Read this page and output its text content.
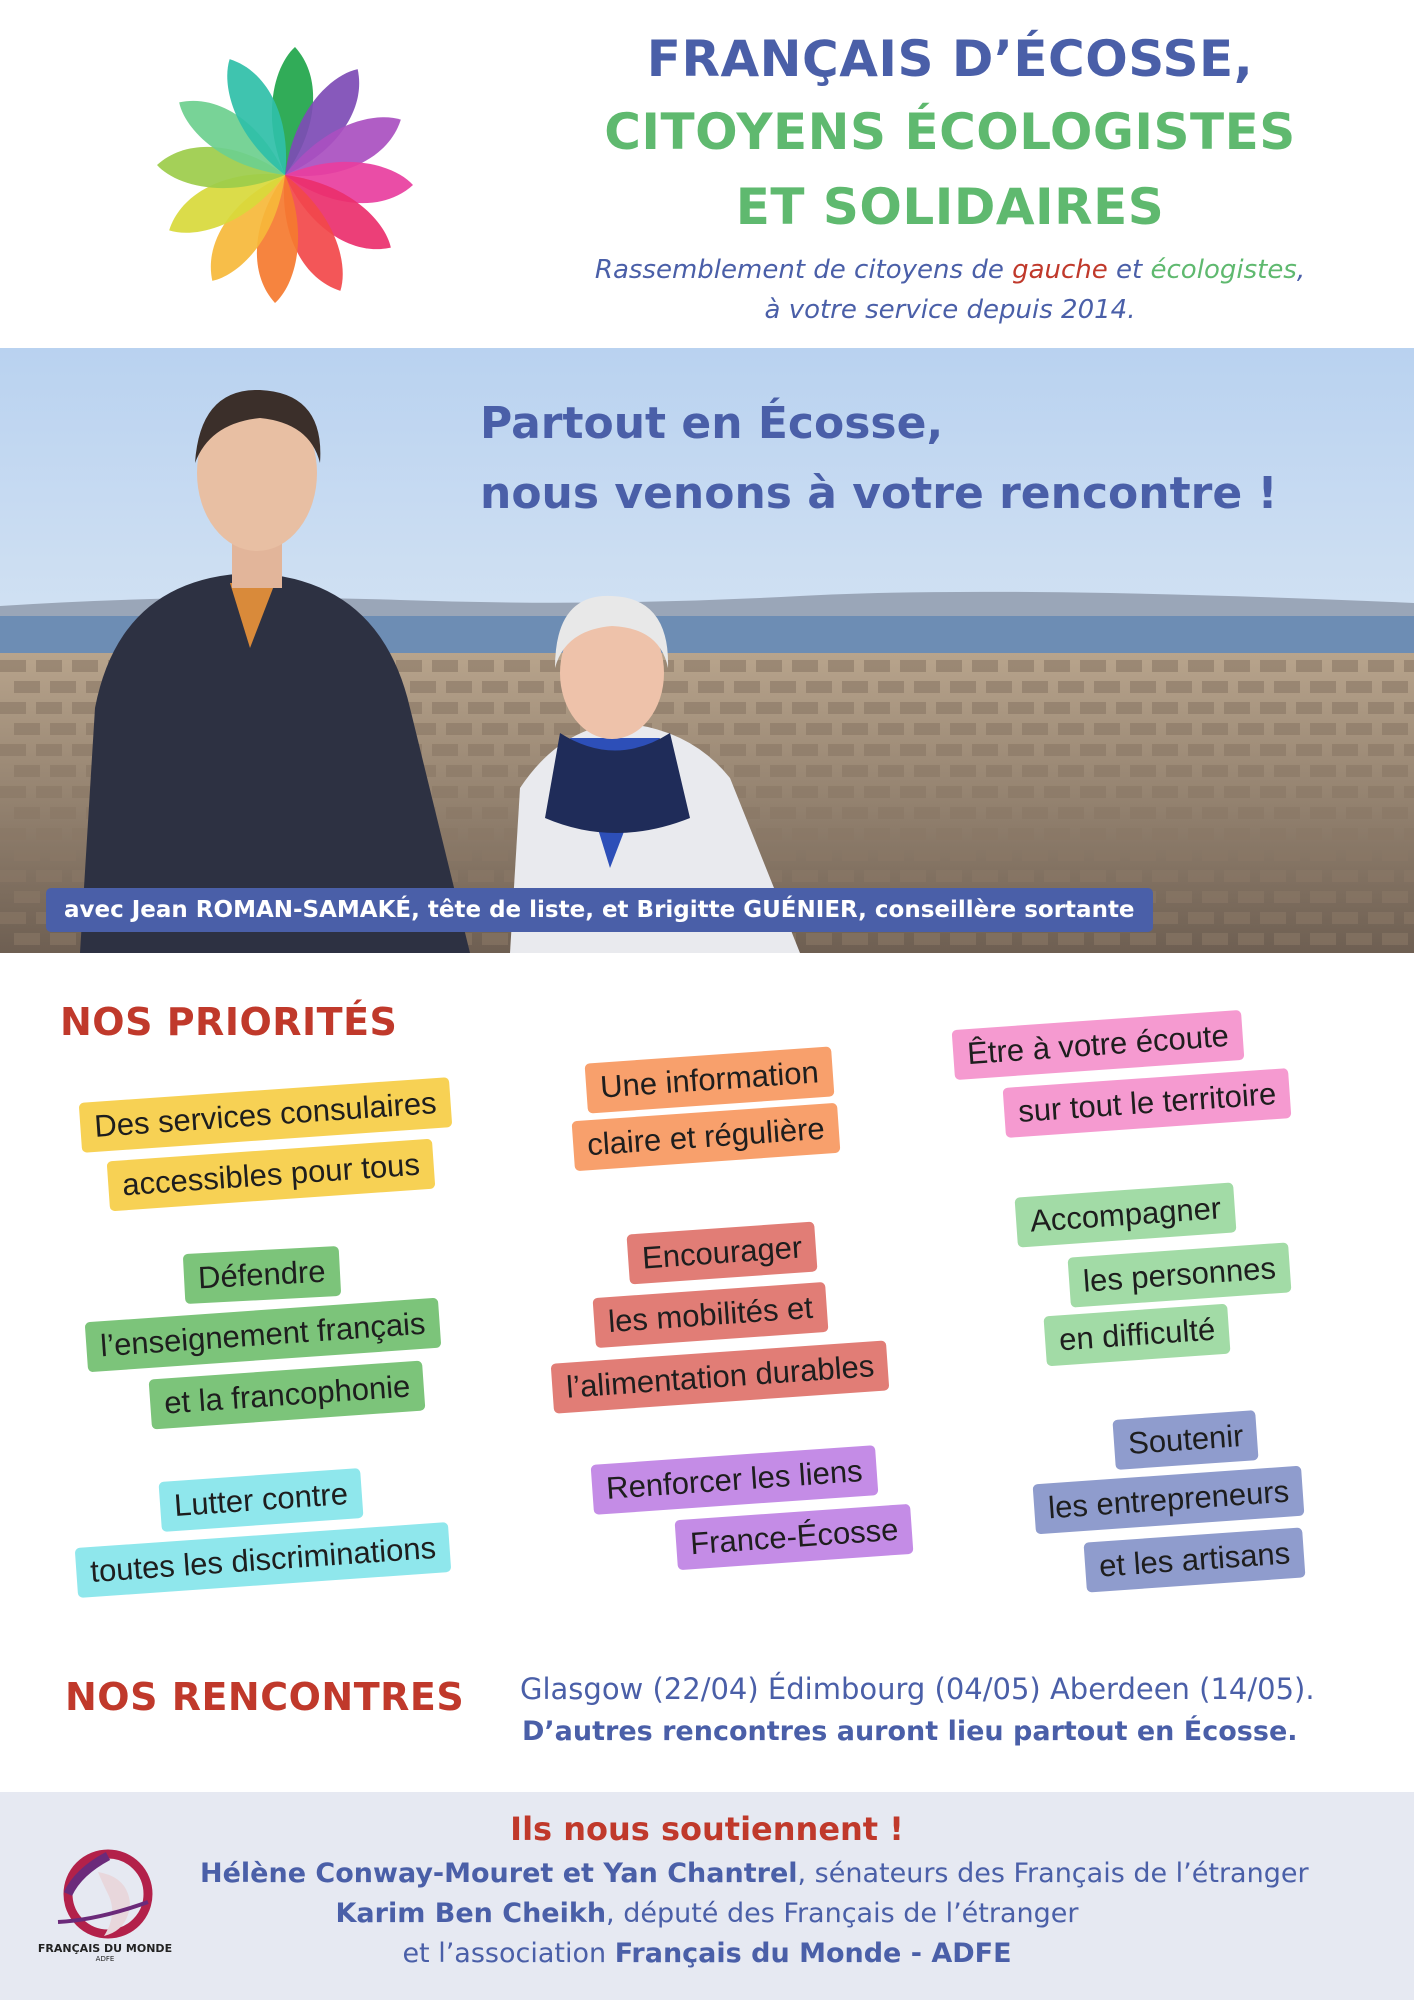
FRANÇAIS D’ÉCOSSE,
CITOYENS ÉCOLOGISTES
ET SOLIDAIRES
Rassemblement de citoyens de gauche et écologistes,
à votre service depuis 2014.
Partout en Écosse,
nous venons à votre rencontre !
avec Jean ROMAN-SAMAKÉ, tête de liste, et Brigitte GUÉNIER, conseillère sortante
NOS PRIORITÉS
Des services consulaires
accessibles pour tous
Défendre
l’enseignement français
et la francophonie
Lutter contre
toutes les discriminations
Une information
claire et régulière
Encourager
les mobilités et
l’alimentation durables
Renforcer les liens
France-Écosse
Être à votre écoute
sur tout le territoire
Accompagner
les personnes
en difficulté
Soutenir
les entrepreneurs
et les artisans
NOS RENCONTRES Glasgow (22/04) Édimbourg (04/05) Aberdeen (14/05).
D’autres rencontres auront lieu partout en Écosse.
FRANÇAIS DU MONDE
ADFE
Ils nous soutiennent !
Hélène Conway-Mouret et Yan Chantrel, sénateurs des Français de l’étranger
Karim Ben Cheikh, député des Français de l’étranger
et l’association Français du Monde - ADFE
